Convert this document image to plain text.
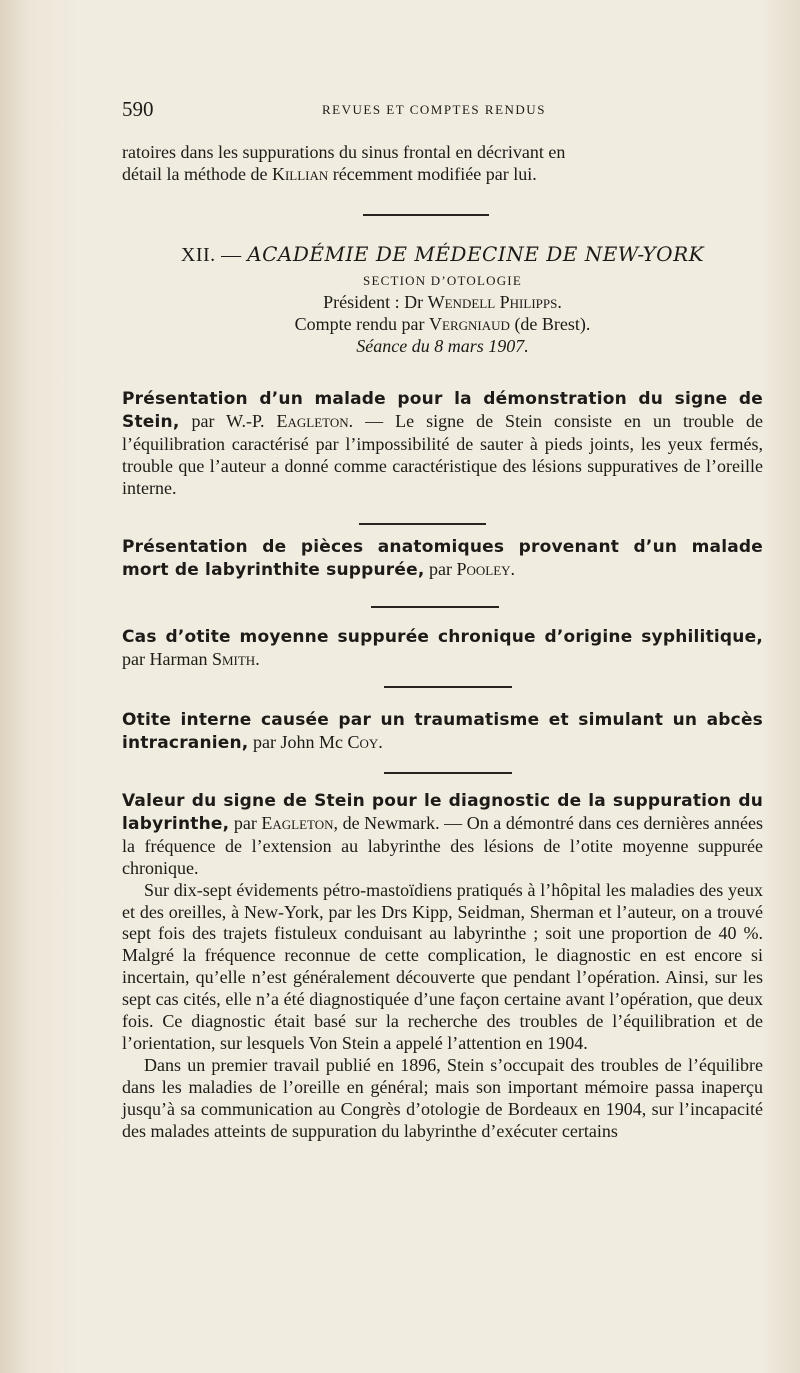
590	REVUES ET COMPTES RENDUS
ratoires dans les suppurations du sinus frontal en décrivant en
détail la méthode de Killian récemment modifiée par lui.
XII. — ACADÉMIE DE MÉDECINE DE NEW-YORK
SECTION D’OTOLOGIE
Président : Dr Wendell Philipps.
Compte rendu par Vergniaud (de Brest).
Séance du 8 mars 1907.
Présentation d’un malade pour la démonstration du signe de Stein, par W.-P. Eagleton. — Le signe de Stein consiste en un trouble de l’équilibration caractérisé par l’impossibilité de sauter à pieds joints, les yeux fermés, trouble que l’auteur a donné comme caractéristique des lésions suppuratives de l’oreille interne.
Présentation de pièces anatomiques provenant d’un malade mort de labyrinthite suppurée, par Pooley.
Cas d’otite moyenne suppurée chronique d’origine syphilitique, par Harman Smith.
Otite interne causée par un traumatisme et simulant un abcès intracranien, par John Mc Coy.
Valeur du signe de Stein pour le diagnostic de la suppuration du labyrinthe, par Eagleton, de Newmark. — On a démontré dans ces dernières années la fréquence de l’extension au labyrinthe des lésions de l’otite moyenne suppurée chronique.
Sur dix-sept évidements pétro-mastoïdiens pratiqués à l’hôpital les maladies des yeux et des oreilles, à New-York, par les Drs Kipp, Seidman, Sherman et l’auteur, on a trouvé sept fois des trajets fistuleux conduisant au labyrinthe ; soit une proportion de 40 %. Malgré la fréquence reconnue de cette complication, le diagnostic en est encore si incertain, qu’elle n’est généralement découverte que pendant l’opération. Ainsi, sur les sept cas cités, elle n’a été diagnostiquée d’une façon certaine avant l’opération, que deux fois. Ce diagnostic était basé sur la recherche des troubles de l’équilibration et de l’orientation, sur lesquels Von Stein a appelé l’attention en 1904.
Dans un premier travail publié en 1896, Stein s’occupait des troubles de l’équilibre dans les maladies de l’oreille en général; mais son important mémoire passa inaperçu jusqu’à sa communication au Congrès d’otologie de Bordeaux en 1904, sur l’incapacité des malades atteints de suppuration du labyrinthe d’exécuter certains
